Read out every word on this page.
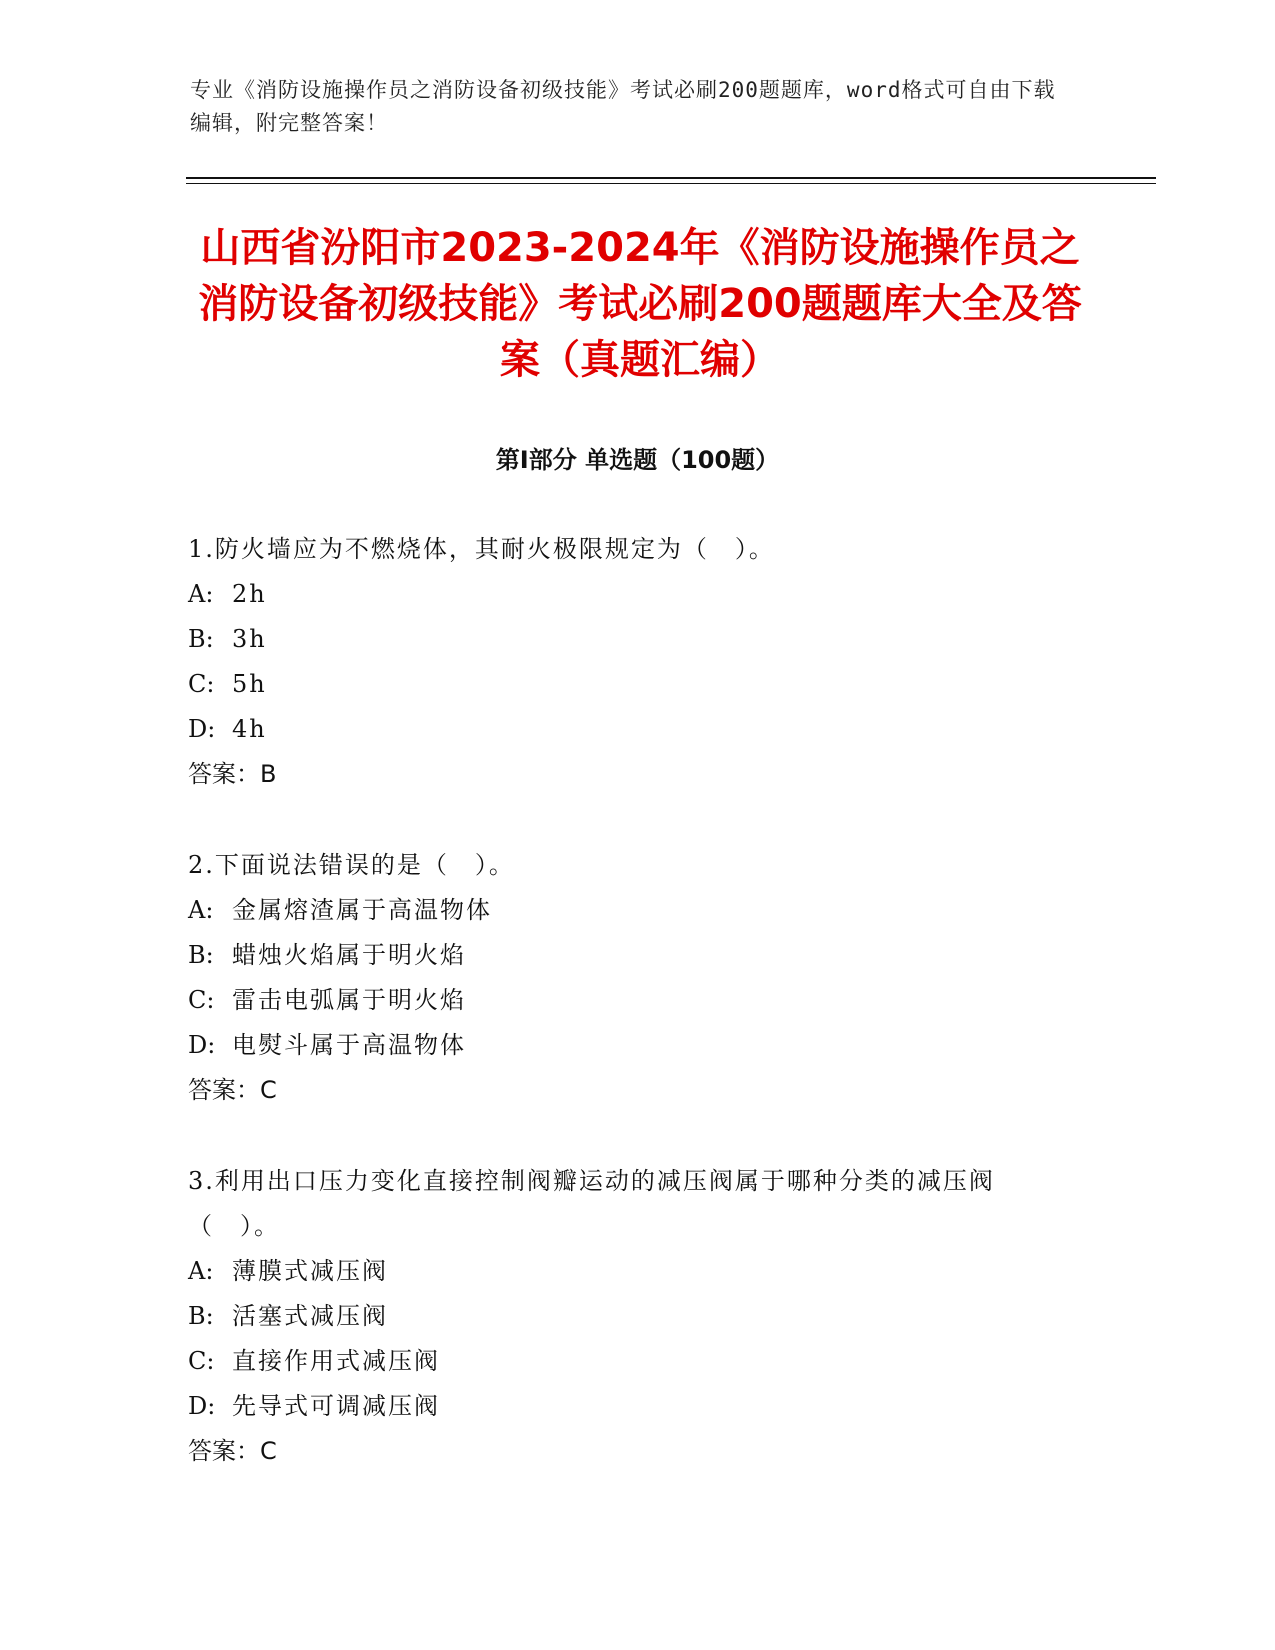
专业《消防设施操作员之消防设备初级技能》考试必刷200题题库，word格式可自由下载编辑，附完整答案！
山西省汾阳市2023-2024年《消防设施操作员之消防设备初级技能》考试必刷200题题库大全及答案（真题汇编）
第I部分 单选题（100题）
1.防火墙应为不燃烧体，其耐火极限规定为（　）。
A: 2h
B: 3h
C: 5h
D: 4h
答案：B
2.下面说法错误的是（　）。
A: 金属熔渣属于高温物体
B: 蜡烛火焰属于明火焰
C: 雷击电弧属于明火焰
D: 电熨斗属于高温物体
答案：C
3.利用出口压力变化直接控制阀瓣运动的减压阀属于哪种分类的减压阀（　）。
A: 薄膜式减压阀
B: 活塞式减压阀
C: 直接作用式减压阀
D: 先导式可调减压阀
答案：C
